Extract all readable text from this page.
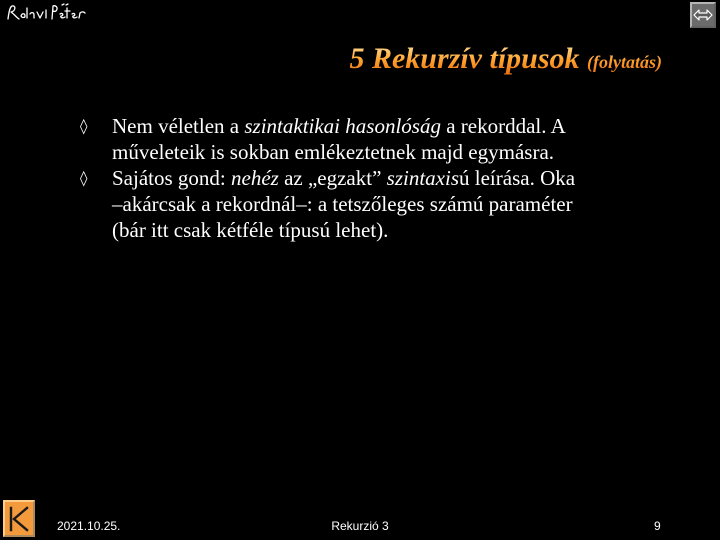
5 Rekurzív típusok (folytatás)
◊ Nem véletlen a szintaktikai hasonlóság a rekorddal. A
műveleteik is sokban emlékeztetnek majd egymásra.
◊ Sajátos gond: nehéz az „egzakt” szintaxisú leírása. Oka
–akárcsak a rekordnál–: a tetszőleges számú paraméter
(bár itt csak kétféle típusú lehet).
2021.10.25.	Rekurzió 3	9
